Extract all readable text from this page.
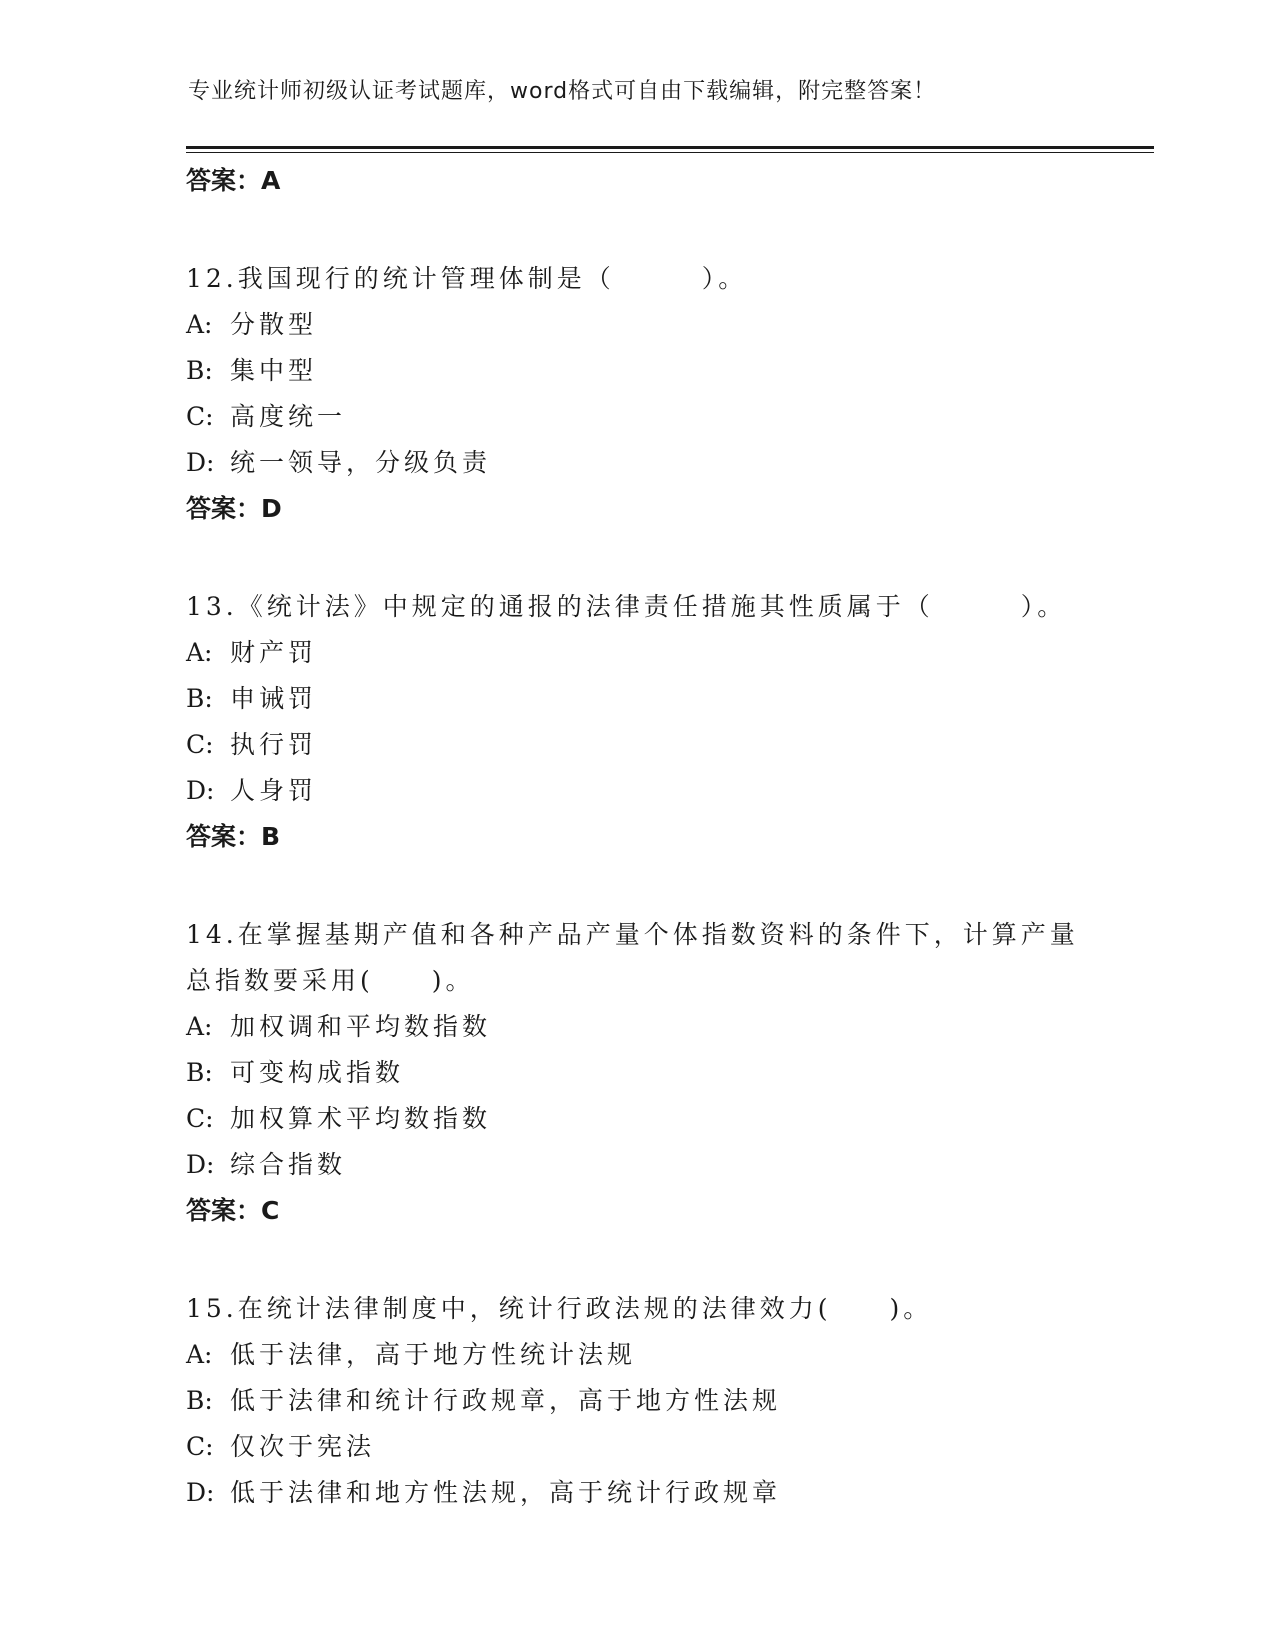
专业统计师初级认证考试题库，word格式可自由下载编辑，附完整答案！
答案：A
12.我国现行的统计管理体制是（　　　）。
A: 分散型
B: 集中型
C: 高度统一
D: 统一领导，分级负责
答案：D
13.《统计法》中规定的通报的法律责任措施其性质属于（　　　）。
A: 财产罚
B: 申诫罚
C: 执行罚
D: 人身罚
答案：B
14.在掌握基期产值和各种产品产量个体指数资料的条件下，计算产量总指数要采用(　　)。
A: 加权调和平均数指数
B: 可变构成指数
C: 加权算术平均数指数
D: 综合指数
答案：C
15.在统计法律制度中，统计行政法规的法律效力(　　)。
A: 低于法律，高于地方性统计法规
B: 低于法律和统计行政规章，高于地方性法规
C: 仅次于宪法
D: 低于法律和地方性法规，高于统计行政规章
